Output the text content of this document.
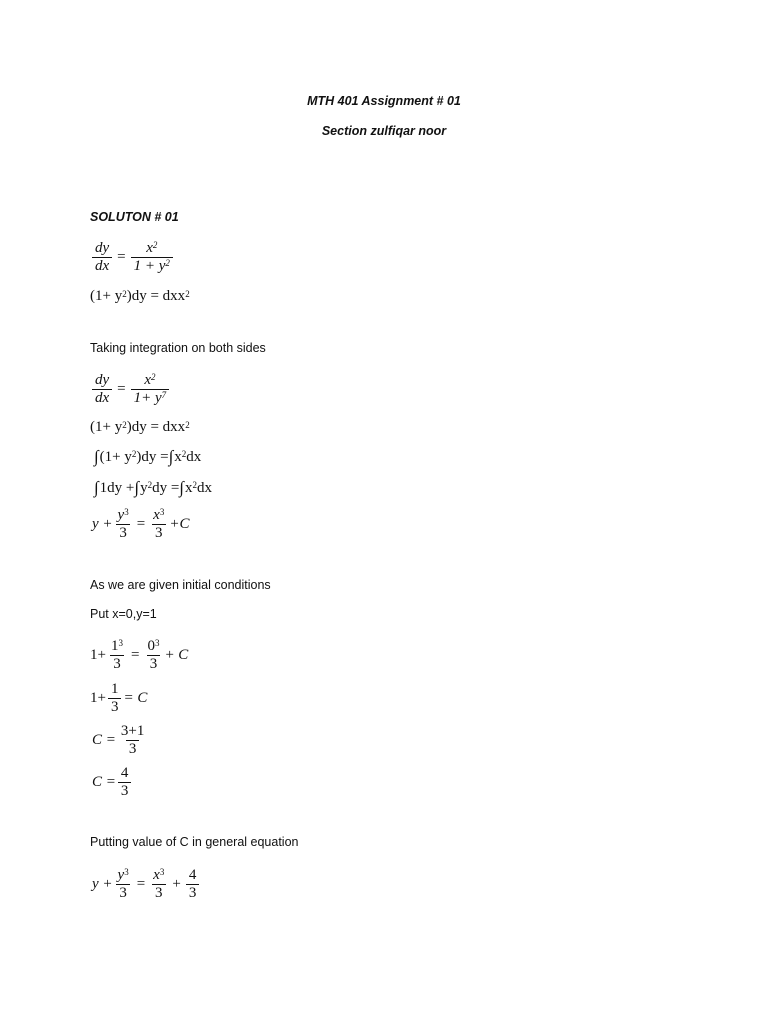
MTH 401 Assignment # 01
Section zulfiqar noor
SOLUTON # 01
$\frac{dy}{dx} = \frac{x^2}{1 + y^2}$
($1+ y^2$ )dy = dxx$^2$
Taking integration on both sides
$\frac{dy}{dx} = \frac{x^2}{1+ y^7}$
($1+ y^2$ )dy = dxx$^2$
∫ ($1+ y^2$ )dy = ∫ $x^2$ dx
∫ 1dy + ∫ $y^2$ dy = ∫ $x^2$ dx
$y + \frac{y^3}{3} = \frac{x^3}{3} +C$
As we are given initial conditions
Put x=0,y=1
$1+ \frac{1^3}{3} = \frac{0^3}{3} + C$
$1+ \frac{1}{3} = C$
$C = \frac{3+1}{3}$
$C = \frac{4}{3}$
Putting value of C in general equation
$y + \frac{y^3}{3} = \frac{x^3}{3} + \frac{4}{3}$
